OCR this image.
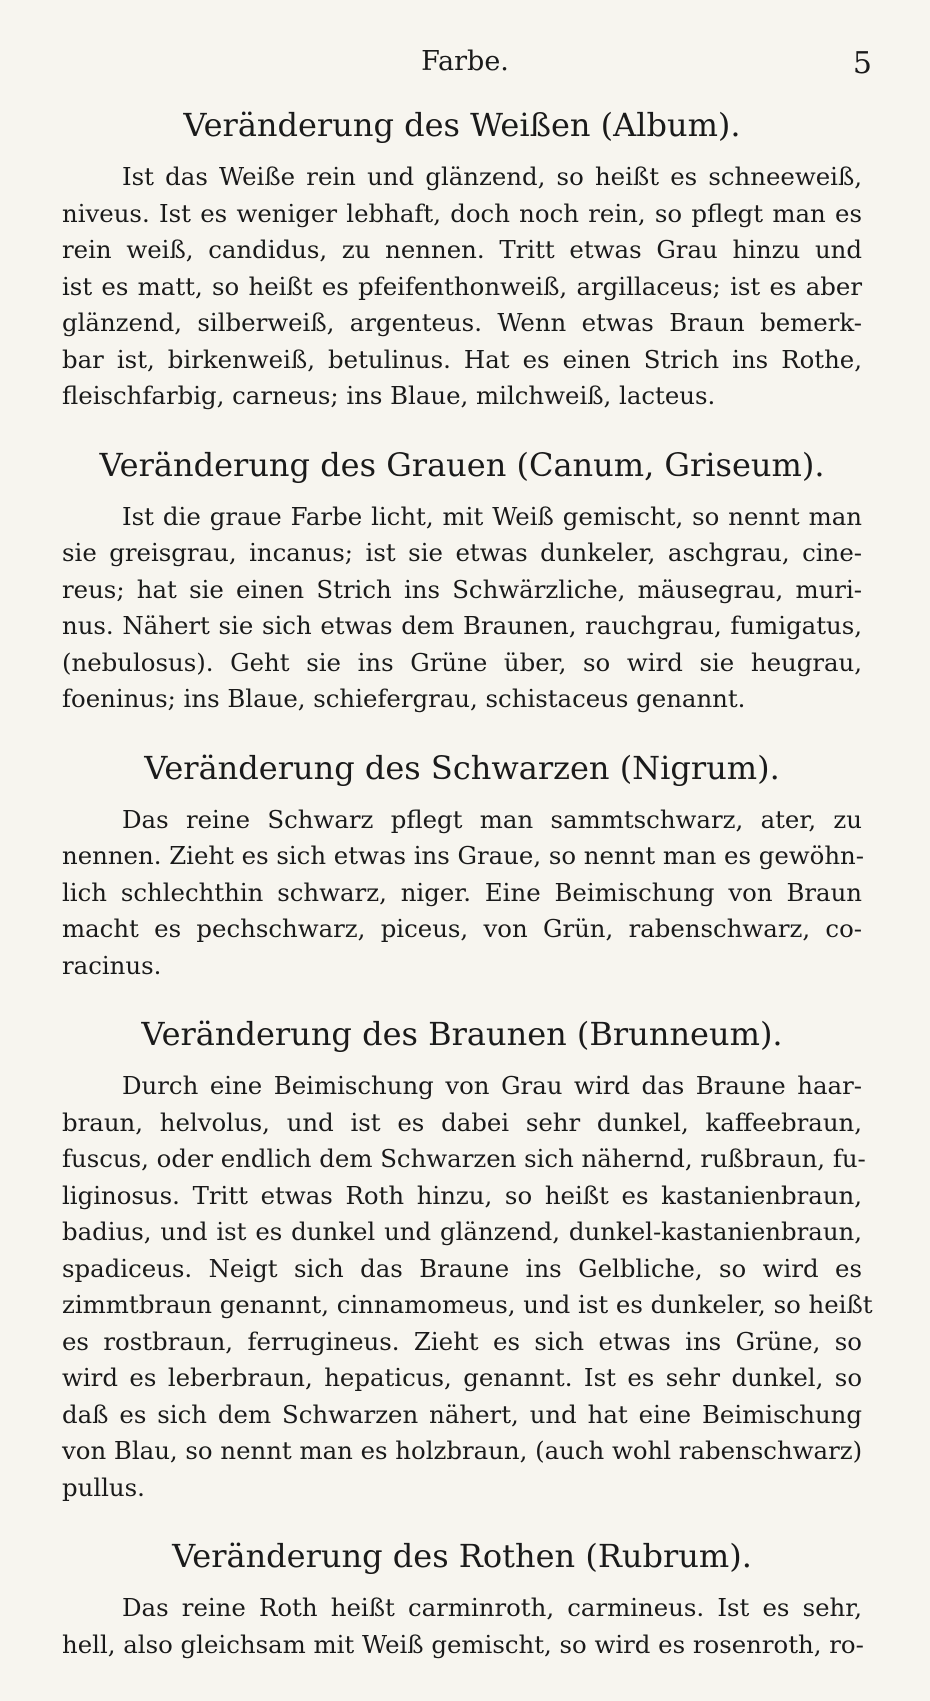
Farbe.	5
Veränderung des Weißen (Album).
Ist das Weiße rein und glänzend, so heißt es schneeweiß,
niveus. Ist es weniger lebhaft, doch noch rein, so pflegt man es
rein weiß, candidus, zu nennen. Tritt etwas Grau hinzu und
ist es matt, so heißt es pfeifenthonweiß, argillaceus; ist es aber
glänzend, silberweiß, argenteus. Wenn etwas Braun bemerk-
bar ist, birkenweiß, betulinus. Hat es einen Strich ins Rothe,
fleischfarbig, carneus; ins Blaue, milchweiß, lacteus.
Veränderung des Grauen (Canum, Griseum).
Ist die graue Farbe licht, mit Weiß gemischt, so nennt man
sie greisgrau, incanus; ist sie etwas dunkeler, aschgrau, cine-
reus; hat sie einen Strich ins Schwärzliche, mäusegrau, muri-
nus. Nähert sie sich etwas dem Braunen, rauchgrau, fumigatus,
(nebulosus). Geht sie ins Grüne über, so wird sie heugrau,
foeninus; ins Blaue, schiefergrau, schistaceus genannt.
Veränderung des Schwarzen (Nigrum).
Das reine Schwarz pflegt man sammtschwarz, ater, zu
nennen. Zieht es sich etwas ins Graue, so nennt man es gewöhn-
lich schlechthin schwarz, niger. Eine Beimischung von Braun
macht es pechschwarz, piceus, von Grün, rabenschwarz, co-
racinus.
Veränderung des Braunen (Brunneum).
Durch eine Beimischung von Grau wird das Braune haar-
braun, helvolus, und ist es dabei sehr dunkel, kaffeebraun,
fuscus, oder endlich dem Schwarzen sich nähernd, rußbraun, fu-
liginosus. Tritt etwas Roth hinzu, so heißt es kastanienbraun,
badius, und ist es dunkel und glänzend, dunkel-kastanienbraun,
spadiceus. Neigt sich das Braune ins Gelbliche, so wird es
zimmtbraun genannt, cinnamomeus, und ist es dunkeler, so heißt
es rostbraun, ferrugineus. Zieht es sich etwas ins Grüne, so
wird es leberbraun, hepaticus, genannt. Ist es sehr dunkel, so
daß es sich dem Schwarzen nähert, und hat eine Beimischung
von Blau, so nennt man es holzbraun, (auch wohl rabenschwarz)
pullus.
Veränderung des Rothen (Rubrum).
Das reine Roth heißt carminroth, carmineus. Ist es sehr,
hell, also gleichsam mit Weiß gemischt, so wird es rosenroth, ro-
